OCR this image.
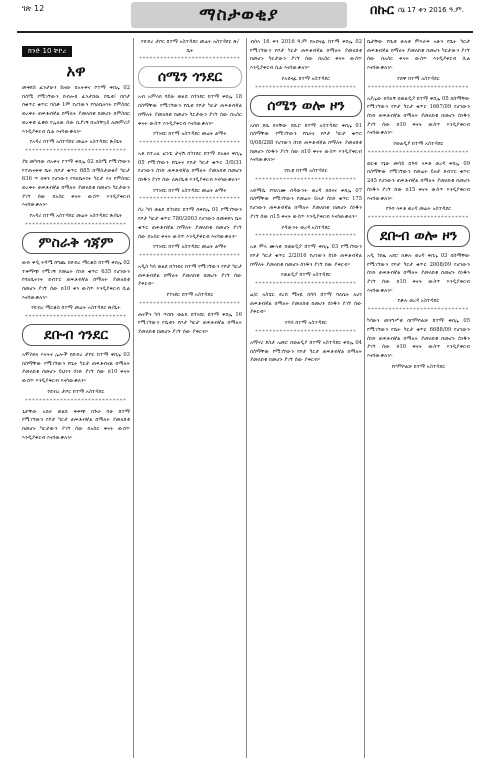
ገጽ 12	ማስታወቂያ	በኩር ሰኔ 17 ቀን 2016 ዓ.ም.
ክንድ 10 ቸኮረ
አዋ

መቅደስ ፈንታሁን ይዘው በአትቅኖ ኮተማ ቀበሌ 02 በስሜ የሚገኘውን በብሎክ ፈንታሸዉ የቤቱ፣ በቦታ በቁጥር ቁጥር ባስቃ 1ም የሆነውን የባለቤትነት የምስክር ወረቀት ጠፍቶብኛል በማለት ያመለከቱ በመሆኑ በምስክር ወረቀቱ ፈቃድ የሌለው ሰው ቢያገኝ በአስቸኳይ ለመምሪያ እንዲያቀርብ ሲል እናሳውቃለን።

የአዳሪ ከተማ አስተዳደር መሬት አስተዳደር ጽ/ቤት

*****************************

ያዩ መካሻው በአቅኖ ኮተማ ቀበሌ 02 በስሜ የሚገኘውን የተጠናቀቀ ቤት በቦታ ቁጥር 685 በማስታወቂያ ካርታ 636 ጥ በቀን የሆነውን የባለቤትነት ካርታ እና የምስክር ወረቀት ጠፍቶብኛል በማለት ያመለከቱ በመሆኑ ካርታውን ያገኘ ሰው በአስር ቀናት ውስጥ እንዲያቀርብ እናሳውቃለን።

የአዳሪ ከተማ አስተዳደር መሬት አስተዳደር ጽ/ቤት

*****************************
ምስራቅ ጎጃም

ውድ ቀዲ ሩዳሜ ከግጪ በደብረ ማርቆስ ከተማ ቀበሌ 02 ተቀማጭ የሚገኝ የመሬት ሰነድ ቁጥር 635 የሆነውን የባለቤትነት ደብተር ጠፍቶብኛል በማለት ያመለከቱ በመሆኑ ያገኘ ሰው በ10 ቀን ውስጥ እንዲያቀርብ ሲል እናሳውቃለን።

የደብረ ማርቆስ ከተማ መሬት አስተዳደር ጽ/ቤት

*****************************
ደቡብ ጎንደር

አሞስክና እናትና ሌሎች በደብረ ታቦር ከተማ ቀበሌ 03 በስማቸው የሚገኘውን የቤት ካርታ ጠፍቶብናል በማለት ያመለከቱ በመሆኑ ይህንን ሰነድ ያገኘ ሰው በ10 ቀናት ውስጥ እንዲያቀርብ እናሳውቃለን።

የደብረ ታቦር ከተማ አስተዳደር

*****************************

ጌታቸው አበራ ወልዴ ቀቀጭ በጉራ ባሁ ከተማ የሚገኘውን የቦታ ካርታ ጠፍቶብኛል በማለት ያመለከቱ በመሆኑ ካርታውን ያገኘ ሰው በአስር ቀናት ውስጥ እንዲያቀርብ እናሳውቃለን።

የደብረ ታቦር ከተማ አስተዳደር መሬት አስተዳደር ጽ/ቤት

*****************************
ሰሜን ጎንደር

አብ አምላክ ባይሁ ወልዴ በጎንደር ከተማ ቀበሌ 18 በስማቸው የሚገኘውን የቤቱ የቦታ ካርታ ጠፍቶብኛል በማለት ያመለከቱ በመሆኑ ካርታውን ያገኘ ሰው በአስር ቀናት ውስጥ እንዲያቀርብ እናሳውቃለን።

የጎንደር ከተማ አስተዳደር መሬት ልማት

*****************************

አቶ በተረፈ ፎንቴ ታናሽ በጎንደር ከተማ በአዘዞ ቀበሌ 05 የሚገኘውን የቤትና የቦታ ካርታ ቁጥር 3/0/31 የሆነውን ሰነድ ጠፍቶብኛል በማለት ያመለከቱ በመሆኑ ሰነዱን ያገኘ ሰው ለጽ/ቤቱ እንዲያቀርብ እናሳውቃለን።

የጎንደር ከተማ አስተዳደር መሬት ልማት

*****************************

ሶረ ካሳ ወልደ ከጎንደር ከተማ በቀበሌ 01 የሚገኘውን የቦታ ካርታ ቁጥር 780/2003 የሆነውን በመቅደላ ቤት ቁጥር ጠፍቶብኛል በማለት ያመለከቱ በመሆኑ ያገኘ ሰው በአስር ቀናት ውስጥ እንዲያቀርብ እናሳውቃለን።

የጎንደር ከተማ አስተዳደር መሬት ልማት

*****************************

አዲስ ካሳ ወልደ በጎንደር ከተማ የሚገኘውን የቦታ ካርታ ጠፍቶብኛል በማለት ያመለከቱ በመሆኑ ያገኘ ሰው ያቅርብ።

የጎንደር ከተማ አስተዳደር

*****************************

ጠናችን ካሳ ጥበቡ ወልዴ በጎንደር ከተማ ቀበሌ 16 የሚገኘውን የቤቱን የቦታ ካርታ ጠፍቶብኛል በማለት ያመለከቱ በመሆኑ ያገኘ ሰው ያቅርብ።

ብሰላ 16 ቀን 2016 ዓ.ም በአሸናፊ ከተማ ቀበሌ 02 የሚገኘውን የቦታ ካርታ ጠፍቶብኛል በማለት ያመለከቱ በመሆኑ ካርታውን ያገኘ ሰው በአስር ቀናት ውስጥ እንዲያቀርብ ሲል እናሳውቃለን።

የአሸናፊ ከተማ አስተዳደር

*****************************
ሰሜን ወሎ ዞን

አበበ ደሴ በላቸው በቢሮ ከተማ አስተዳደር ቀበሌ 01 በስማቸው የሚገኘውን የቤትና የቦታ ካርታ ቁጥር 0/08/288 የሆነውን ሰነድ ጠፍቶብኛል በማለት ያመለከቱ በመሆኑ ሰነዱን ያገኘ ሰው በ10 ቀናት ውስጥ እንዲያቀርብ እናሳውቃለን።

የቢቲ ከተማ አስተዳደር

*****************************

አድማሴ የባለገሙ በዳውንት ወረዳ በበናና ቀበሌ 07 በስማቸው የሚገኘውን የመሬት ይዞታ ሰነድ ቁጥር 175 የሆነውን ጠፍቶብኛል በማለት ያመለከቱ በመሆኑ ሰነዱን ያገኘ ሰው በ15 ቀናት ውስጥ እንዲያቀርብ እናሳውቃለን።

የዳውንት ወረዳ አስተዳደር

*****************************

አቶ ሞላ ሙላቱ በወልዲያ ከተማ ቀበሌ 03 የሚገኘውን የቦታ ካርታ ቁጥር 2/2016 የሆነውን ሰነድ ጠፍቶብኛል በማለት ያመለከቱ በመሆኑ ሰነዱን ያገኘ ሰው ያቅርብ።

የወልዲያ ከተማ አስተዳደር

*****************************

ሬ/ር አስቴር ደረሰ ሚናዬ በሳሳ ከተማ ባለቤት ለሆነ ጠፍቶብኛል በማለት ያመለከቱ በመሆኑ ሰነዱን ያገኘ ሰው ያቅርብ።

የሳሳ ከተማ አስተዳደር

*****************************

አማሃሪ ደስታ አመሮ በወልዲያ ከተማ አስተዳደር ቀበሌ 04 በስማቸው የሚገኘውን የቦታ ካርታ ጠፍቶብኛል በማለት ያመለከቱ በመሆኑ ያገኘ ሰው ያቅርብ።

ቤታቸው የቤቱ ሁለቱ ምእራፍ አሁን የቤት ካርታ ጠፍቶብኛል በማለት ያመለከቱ በመሆኑ ካርታውን ያገኘ ሰው በአስር ቀናት ውስጥ እንዲያቀርብ ሲል እናሳውቃለን።

የሸዋ ከተማ አስተዳደር

*****************************

አያሌው ደሳለኝ በወልዲያ ከተማ ቀበሌ 05 በስማቸው የሚገኘውን የቦታ ካርታ ቁጥር 1667/09 የሆነውን ሰነድ ጠፍቶብኛል በማለት ያመለከቱ በመሆኑ ሰነዱን ያገኘ ሰው በ10 ቀናት ውስጥ እንዲያቀርብ እናሳውቃለን።

የወልዲያ ከተማ አስተዳደር

*****************************

ወርቂ የኔሁ መሳይ በጉባ ላፍቶ ወረዳ ቀበሌ 09 በስማቸው የሚገኘውን የመሬት ይዞታ ደብተር ቁጥር 245 የሆነውን ጠፍቶብኛል በማለት ያመለከቱ በመሆኑ ሰነዱን ያገኘ ሰው በ15 ቀናት ውስጥ እንዲያቀርብ እናሳውቃለን።

የጉባ ላፍቶ ወረዳ መሬት አስተዳደር

*****************************
ደቡብ ወሎ ዞን

አዲ ጎበዜ አደሮ በቃሉ ወረዳ ቀበሌ 03 በስማቸው የሚገኘውን የቦታ ካርታ ቁጥር 2008/09 የሆነውን ሰነድ ጠፍቶብኛል በማለት ያመለከቱ በመሆኑ ሰነዱን ያገኘ ሰው በ10 ቀናት ውስጥ እንዲያቀርብ እናሳውቃለን።

የቃሉ ወረዳ አስተዳደር

*****************************

ካሳሁን መንግሥቱ በኮምቦልቻ ከተማ ቀበሌ 05 የሚገኘውን የቤት ካርታ ቁጥር 6688/09 የሆነውን ሰነድ ጠፍቶብኛል በማለት ያመለከቱ በመሆኑ ሰነዱን ያገኘ ሰው በ10 ቀናት ውስጥ እንዲያቀርብ እናሳውቃለን።

የኮምቦልቻ ከተማ አስተዳደር
